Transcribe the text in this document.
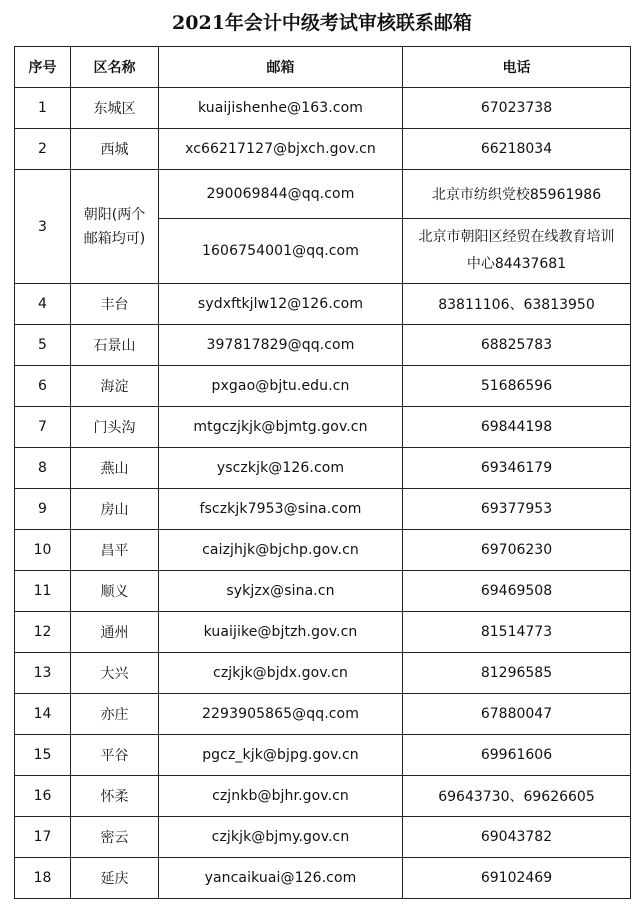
2021年会计中级考试审核联系邮箱
序号	区名称	邮箱	电话
1	东城区	kuaijishenhe@163.com	67023738
2	西城	xc66217127@bjxch.gov.cn	66218034
3	朝阳(两个邮箱均可)	290069844@qq.com	北京市纺织党校85961986
		1606754001@qq.com	北京市朝阳区经贸在线教育培训中心84437681
4	丰台	sydxftkjlw12@126.com	83811106、63813950
5	石景山	397817829@qq.com	68825783
6	海淀	pxgao@bjtu.edu.cn	51686596
7	门头沟	mtgczjkjk@bjmtg.gov.cn	69844198
8	燕山	ysczkjk@126.com	69346179
9	房山	fsczkjk7953@sina.com	69377953
10	昌平	caizjhjk@bjchp.gov.cn	69706230
11	顺义	sykjzx@sina.cn	69469508
12	通州	kuaijike@bjtzh.gov.cn	81514773
13	大兴	czjkjk@bjdx.gov.cn	81296585
14	亦庄	2293905865@qq.com	67880047
15	平谷	pgcz_kjk@bjpg.gov.cn	69961606
16	怀柔	czjnkb@bjhr.gov.cn	69643730、69626605
17	密云	czjkjk@bjmy.gov.cn	69043782
18	延庆	yancaikuai@126.com	69102469
